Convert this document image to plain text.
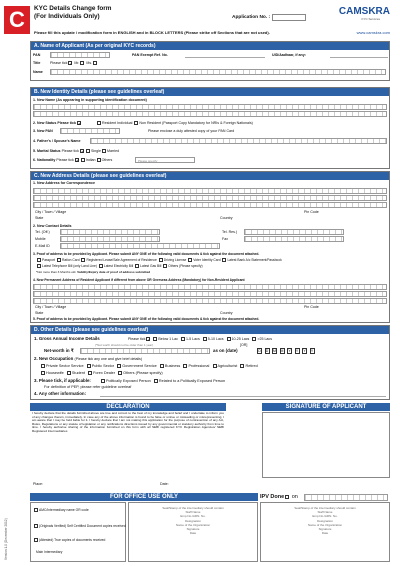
C	KYC Details Change form
(For Individuals Only)	Application No. :
CAMSKRA
KYC Services
www.camskra.com
Please fill this update / modification form in ENGLISH and in BLOCK LETTERS (Please strike off Sections that are not used).
A. Name of Applicant (As per original KYC records)
PAN	PAN Exempt Ref. No.	UID/Aadhaar, if any:
Title	Please tick ✓ Mr. Ms.
Name
B. New Identity Details (please see guidelines overleaf)
1. New Name (As appearing in supporting identification document)
2. New Status Please tick ✓	Resident Individual Non Resident (Passport Copy Mandatory for NRIs & Foreign Nationals)
3. New PAN	Please enclose a duly attested copy of your PAN Card
4. Father's / Spouse's Name
5. Marital Status Please tick ✓ Single Married
6. Nationality Please tick ✓ Indian Others	Please specify
C. New Address Details (please see guidelines overleaf)
1. New Address for Correspondence
City / Town / Village	Pin Code
State	Country
2. New Contact Details
Tel. (Off.)	Tel. Res.)
Mobile	Fax
E-Mail ID
3. Proof of address to be provided by Applicant. Please submit ANY ONE of the following valid documents & tick against the document attached.
Passport Ration Card Registered Lease/Sale Agreement of Residence Driving License Voter Identity Card Latest Bank A/c Statement/Passbook
Latest Telephone Bill (only Land Line) Latest Electricity Bill Latest Gas Bill Others (Please specify)
*Not more than 3 Months old. Validity/Expiry date of proof of address submitted
4. New Permanent Address of Resident Applicant if different from above OR Overseas Address (Mandatory) for Non-Resident Applicant
City / Town / Village	Pin Code
State	Country
5. Proof of address to be provided by Applicant. Please submit ANY ONE of the following valid documents & tick against the document attached.
D. Other Details (please see guidelines overleaf)
1. Gross Annual Income Details	Please tick ✓ Below 1 Lac 1-5 Lacs 5-10 Lacs 10-25 Lacs >25 Lacs
[OR]
Net-worth in ₹
(*Net worth should not be older than 1 year)
as on (date)	D	D	M M	Y	Y	Y	Y
2. New Occupation (Please tick any one and give brief details)
Private Sector Service Public Sector Government Service Business Professional Agriculturist Retired
Housewife Student Forex Dealer Others (Please specify)
3. Please tick, if applicable:	Politically Exposed Person Related to a Politically Exposed Person
For definition of PEP, please refer guideline overleaf
4. Any other information:
DECLARATION	SIGNATURE OF APPLICANT
I hereby declare that the details furnished above are true and correct to the best of my knowledge and belief and I undertake to inform you of any changes therein, immediately. In case any of the above information is found to be false or untrue or misleading or misrepresenting, I am aware that I may be held liable for it. I hereby declare that I am not making this application for the purpose of contravention of any Act, Rules, Regulations or any statute of legislation or any notifications directions issued by any governmental or statutory authority from time to time. I hereby authorise sharing of the information furnished on this form with all SEBI registered KYC Registration Agencies/ SEBI Registered Intermediaries
Place:	Date:
FOR OFFICE USE ONLY	IPV Done on
AMC/Intermediary name OR code
(Originals Verified) Self Certified Document copies received
(Attested) True copies of documents received
Main Intermediary
Seal/Stamp of the intermediary should contain
Staff Name
Emp.No./ARN. No.
Designation
Name of the Organization
Signature
Date
Seal/Stamp of the intermediary should contain
Staff Name
Emp.No./ARN. No.
Designation
Name of the Organization
Signature
Date
Version 1.0 (December 2012)
